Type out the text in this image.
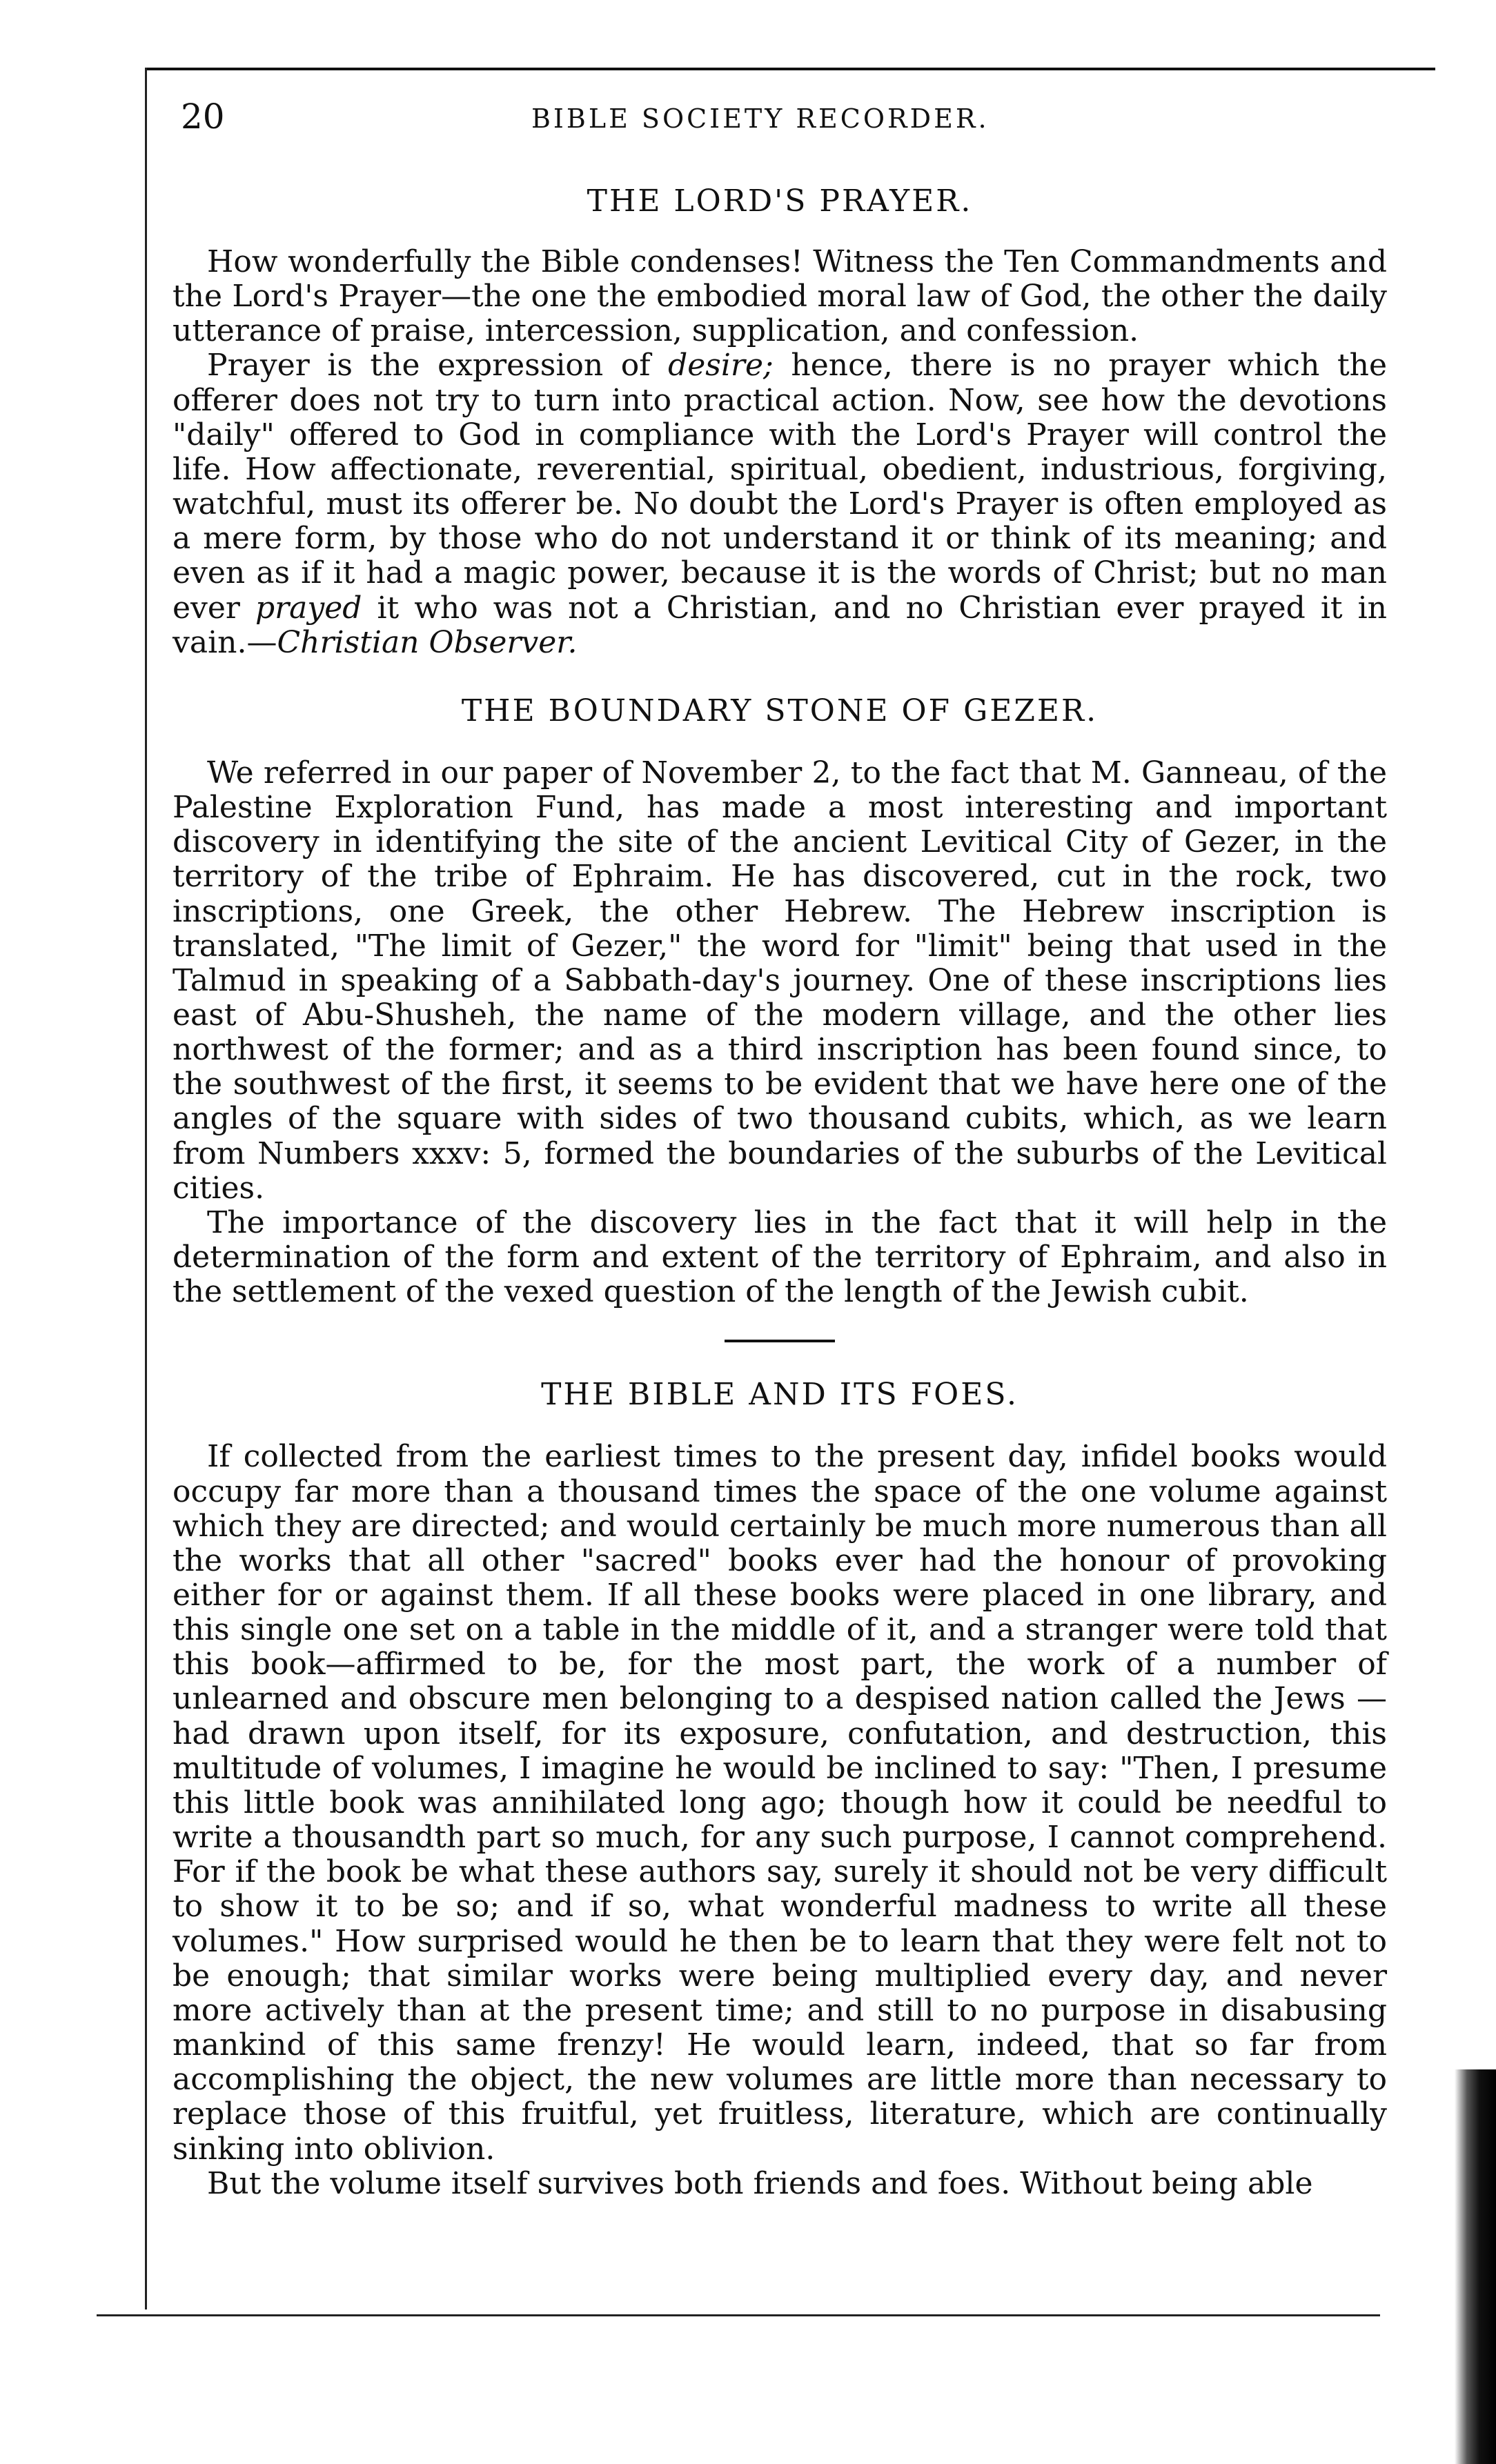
20	BIBLE SOCIETY RECORDER.
THE LORD'S PRAYER.

How wonderfully the Bible condenses! Witness the Ten Commandments and the Lord's Prayer—the one the embodied moral law of God, the other the daily utterance of praise, intercession, supplication, and confession.

Prayer is the expression of desire; hence, there is no prayer which the offerer does not try to turn into practical action. Now, see how the devotions "daily" offered to God in compliance with the Lord's Prayer will control the life. How affectionate, reverential, spiritual, obedient, industrious, forgiving, watchful, must its offerer be. No doubt the Lord's Prayer is often employed as a mere form, by those who do not understand it or think of its meaning; and even as if it had a magic power, because it is the words of Christ; but no man ever prayed it who was not a Christian, and no Christian ever prayed it in vain.—Christian Observer.

THE BOUNDARY STONE OF GEZER.

We referred in our paper of November 2, to the fact that M. Ganneau, of the Palestine Exploration Fund, has made a most interesting and important discovery in identifying the site of the ancient Levitical City of Gezer, in the territory of the tribe of Ephraim. He has discovered, cut in the rock, two inscriptions, one Greek, the other Hebrew. The Hebrew inscription is translated, "The limit of Gezer," the word for "limit" being that used in the Talmud in speaking of a Sabbath-day's journey. One of these inscriptions lies east of Abu-Shusheh, the name of the modern village, and the other lies northwest of the former; and as a third inscription has been found since, to the southwest of the first, it seems to be evident that we have here one of the angles of the square with sides of two thousand cubits, which, as we learn from Numbers xxxv: 5, formed the boundaries of the suburbs of the Levitical cities.

The importance of the discovery lies in the fact that it will help in the determination of the form and extent of the territory of Ephraim, and also in the settlement of the vexed question of the length of the Jewish cubit.

THE BIBLE AND ITS FOES.

If collected from the earliest times to the present day, infidel books would occupy far more than a thousand times the space of the one volume against which they are directed; and would certainly be much more numerous than all the works that all other "sacred" books ever had the honour of provoking either for or against them. If all these books were placed in one library, and this single one set on a table in the middle of it, and a stranger were told that this book—affirmed to be, for the most part, the work of a number of unlearned and obscure men belonging to a despised nation called the Jews —had drawn upon itself, for its exposure, confutation, and destruction, this multitude of volumes, I imagine he would be inclined to say: "Then, I presume this little book was annihilated long ago; though how it could be needful to write a thousandth part so much, for any such purpose, I cannot comprehend. For if the book be what these authors say, surely it should not be very difficult to show it to be so; and if so, what wonderful madness to write all these volumes." How surprised would he then be to learn that they were felt not to be enough; that similar works were being multiplied every day, and never more actively than at the present time; and still to no purpose in disabusing mankind of this same frenzy! He would learn, indeed, that so far from accomplishing the object, the new volumes are little more than necessary to replace those of this fruitful, yet fruitless, literature, which are continually sinking into oblivion.

But the volume itself survives both friends and foes. Without being able
